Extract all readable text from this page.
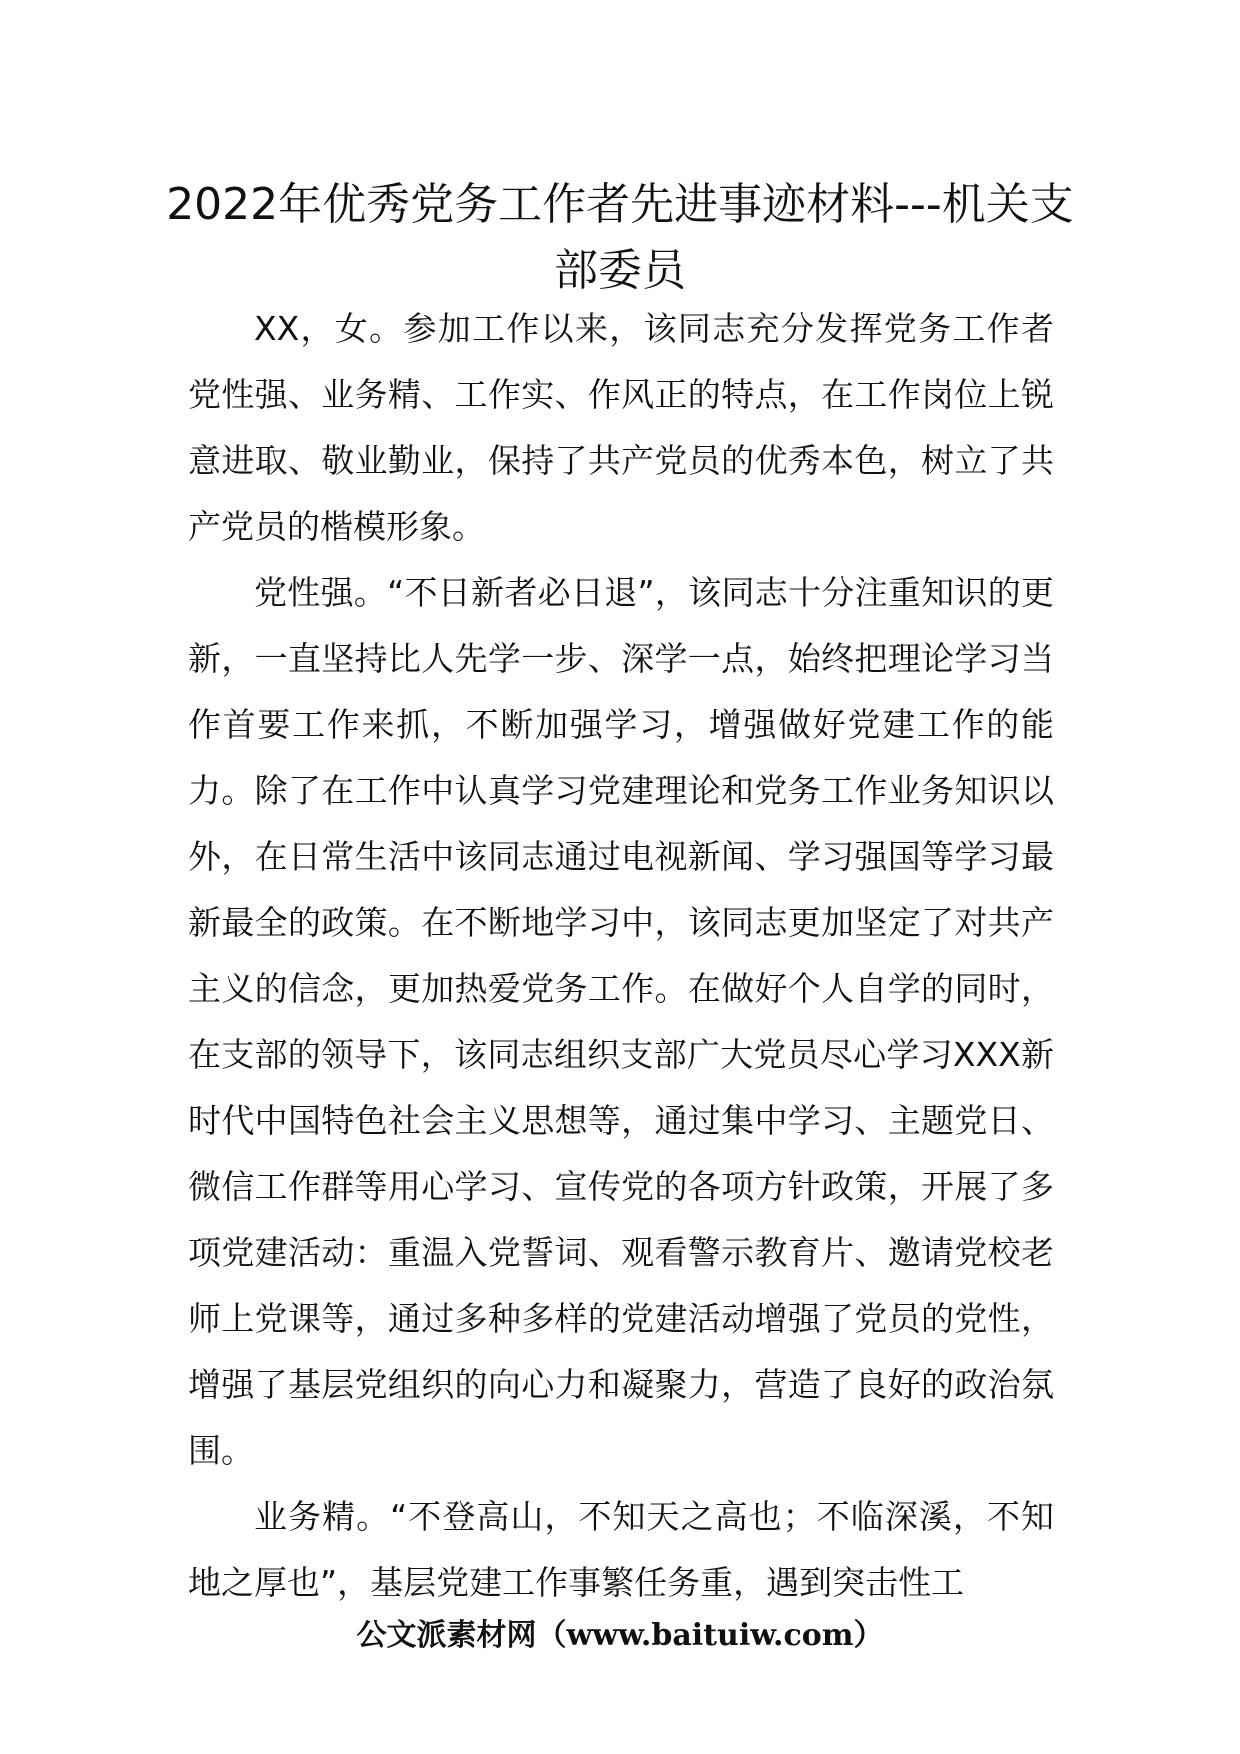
2022年优秀党务工作者先进事迹材料---机关支部委员

XX，女。参加工作以来，该同志充分发挥党务工作者党性强、业务精、工作实、作风正的特点，在工作岗位上锐意进取、敬业勤业，保持了共产党员的优秀本色，树立了共产党员的楷模形象。

党性强。“不日新者必日退”，该同志十分注重知识的更新，一直坚持比人先学一步、深学一点，始终把理论学习当作首要工作来抓，不断加强学习，增强做好党建工作的能力。除了在工作中认真学习党建理论和党务工作业务知识以外，在日常生活中该同志通过电视新闻、学习强国等学习最新最全的政策。在不断地学习中，该同志更加坚定了对共产主义的信念，更加热爱党务工作。在做好个人自学的同时，在支部的领导下，该同志组织支部广大党员尽心学习XXX新时代中国特色社会主义思想等，通过集中学习、主题党日、微信工作群等用心学习、宣传党的各项方针政策，开展了多项党建活动：重温入党誓词、观看警示教育片、邀请党校老师上党课等，通过多种多样的党建活动增强了党员的党性，增强了基层党组织的向心力和凝聚力，营造了良好的政治氛围。

业务精。“不登高山，不知天之高也；不临深溪，不知地之厚也”，基层党建工作事繁任务重，遇到突击性工

公文派素材网（www.baituiw.com）
